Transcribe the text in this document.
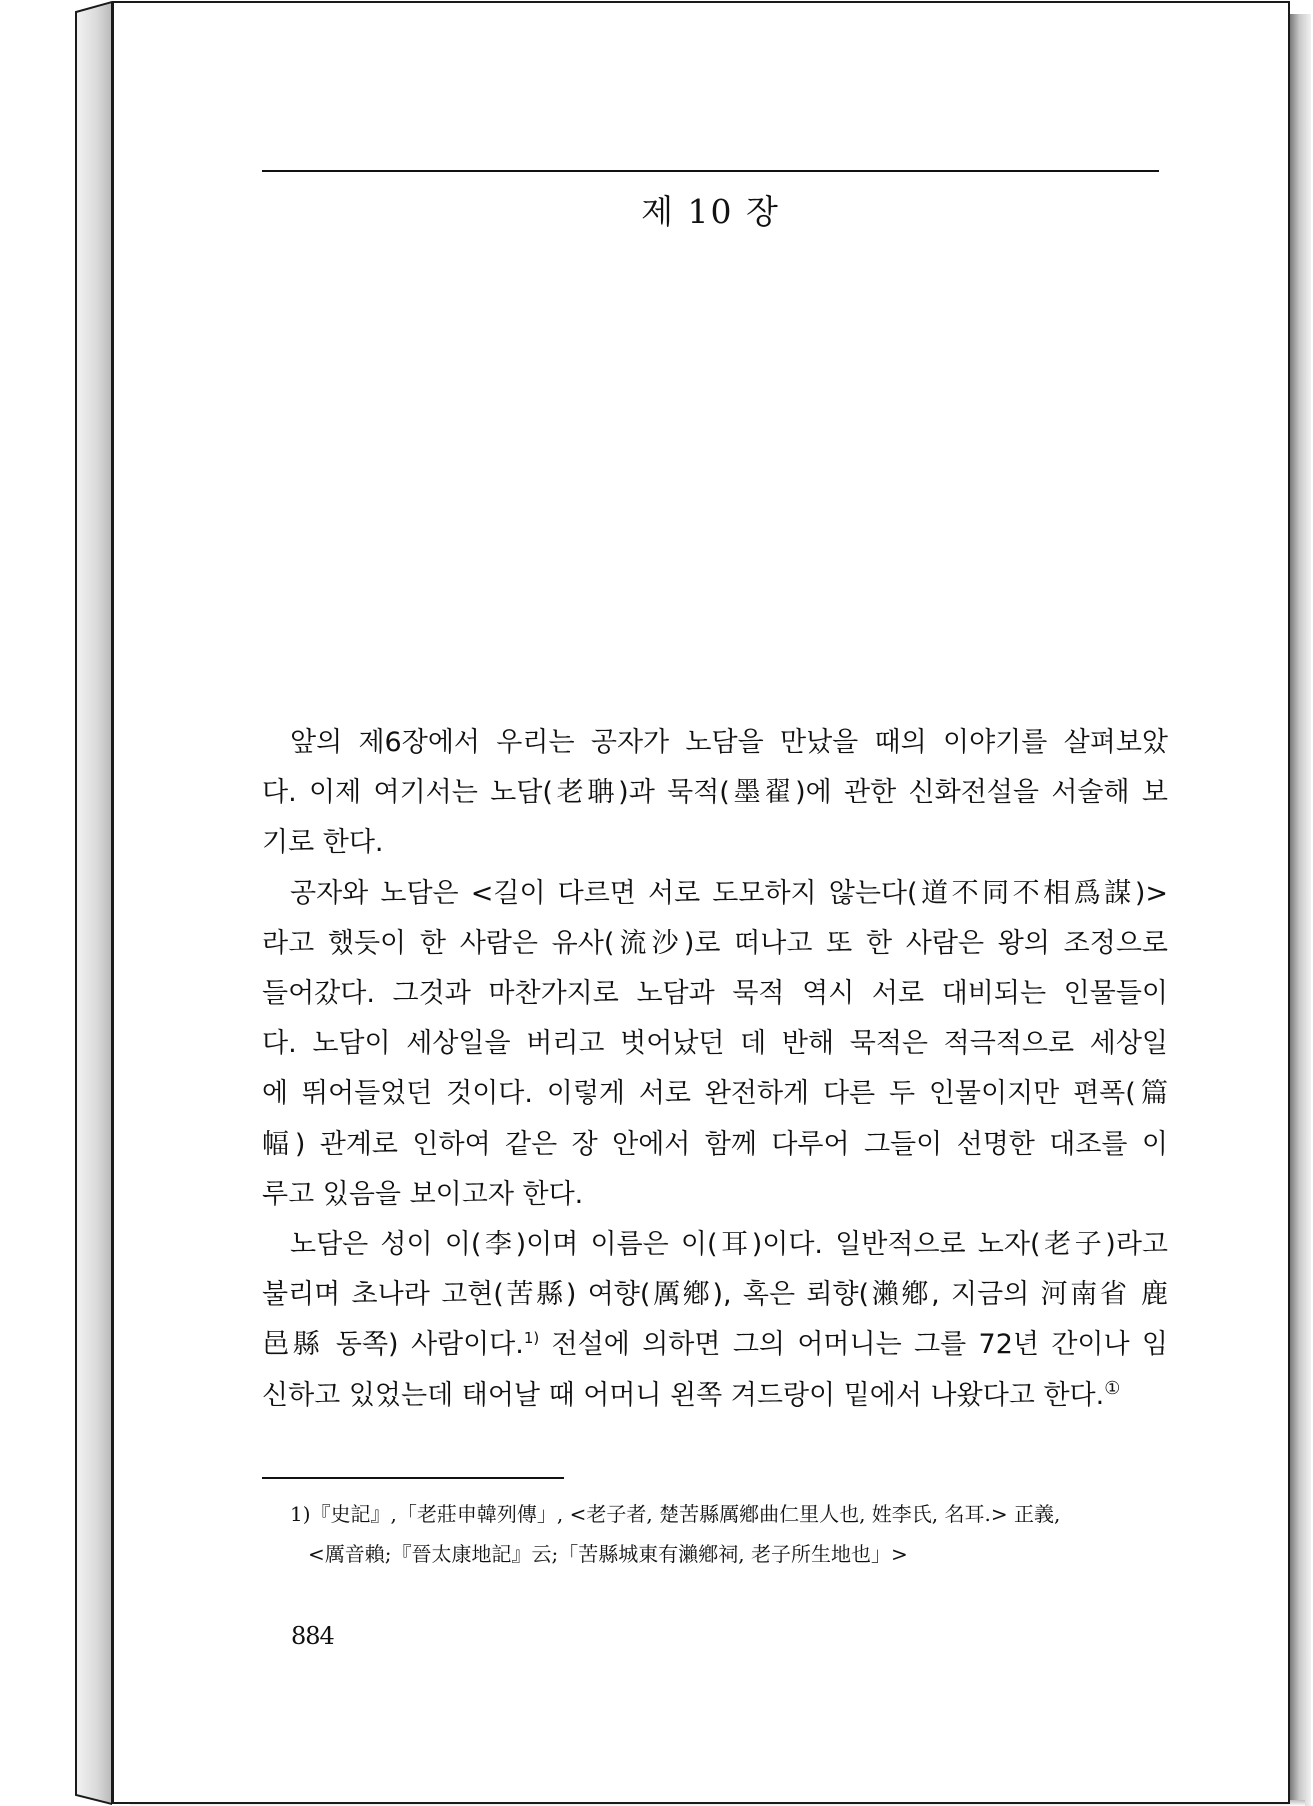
제 10 장
앞의 제6장에서 우리는 공자가 노담을 만났을 때의 이야기를 살펴보았
다. 이제 여기서는 노담(老聃)과 묵적(墨翟)에 관한 신화전설을 서술해 보
기로 한다.
공자와 노담은 <길이 다르면 서로 도모하지 않는다(道不同不相爲謀)>
라고 했듯이 한 사람은 유사(流沙)로 떠나고 또 한 사람은 왕의 조정으로
들어갔다. 그것과 마찬가지로 노담과 묵적 역시 서로 대비되는 인물들이
다. 노담이 세상일을 버리고 벗어났던 데 반해 묵적은 적극적으로 세상일
에 뛰어들었던 것이다. 이렇게 서로 완전하게 다른 두 인물이지만 편폭(篇
幅) 관계로 인하여 같은 장 안에서 함께 다루어 그들이 선명한 대조를 이
루고 있음을 보이고자 한다.
노담은 성이 이(李)이며 이름은 이(耳)이다. 일반적으로 노자(老子)라고
불리며 초나라 고현(苦縣) 여향(厲鄕), 혹은 뢰향(瀨鄕, 지금의 河南省 鹿
邑縣 동쪽) 사람이다.$^{1)}$ 전설에 의하면 그의 어머니는 그를 72년 간이나 임
신하고 있었는데 태어날 때 어머니 왼쪽 겨드랑이 밑에서 나왔다고 한다.①
1)『史記』,「老莊申韓列傳」, <老子者, 楚苦縣厲鄕曲仁里人也, 姓李氏, 名耳.> 正義,
<厲音賴;『晉太康地記』云;「苦縣城東有瀨鄕祠, 老子所生地也」>
884
